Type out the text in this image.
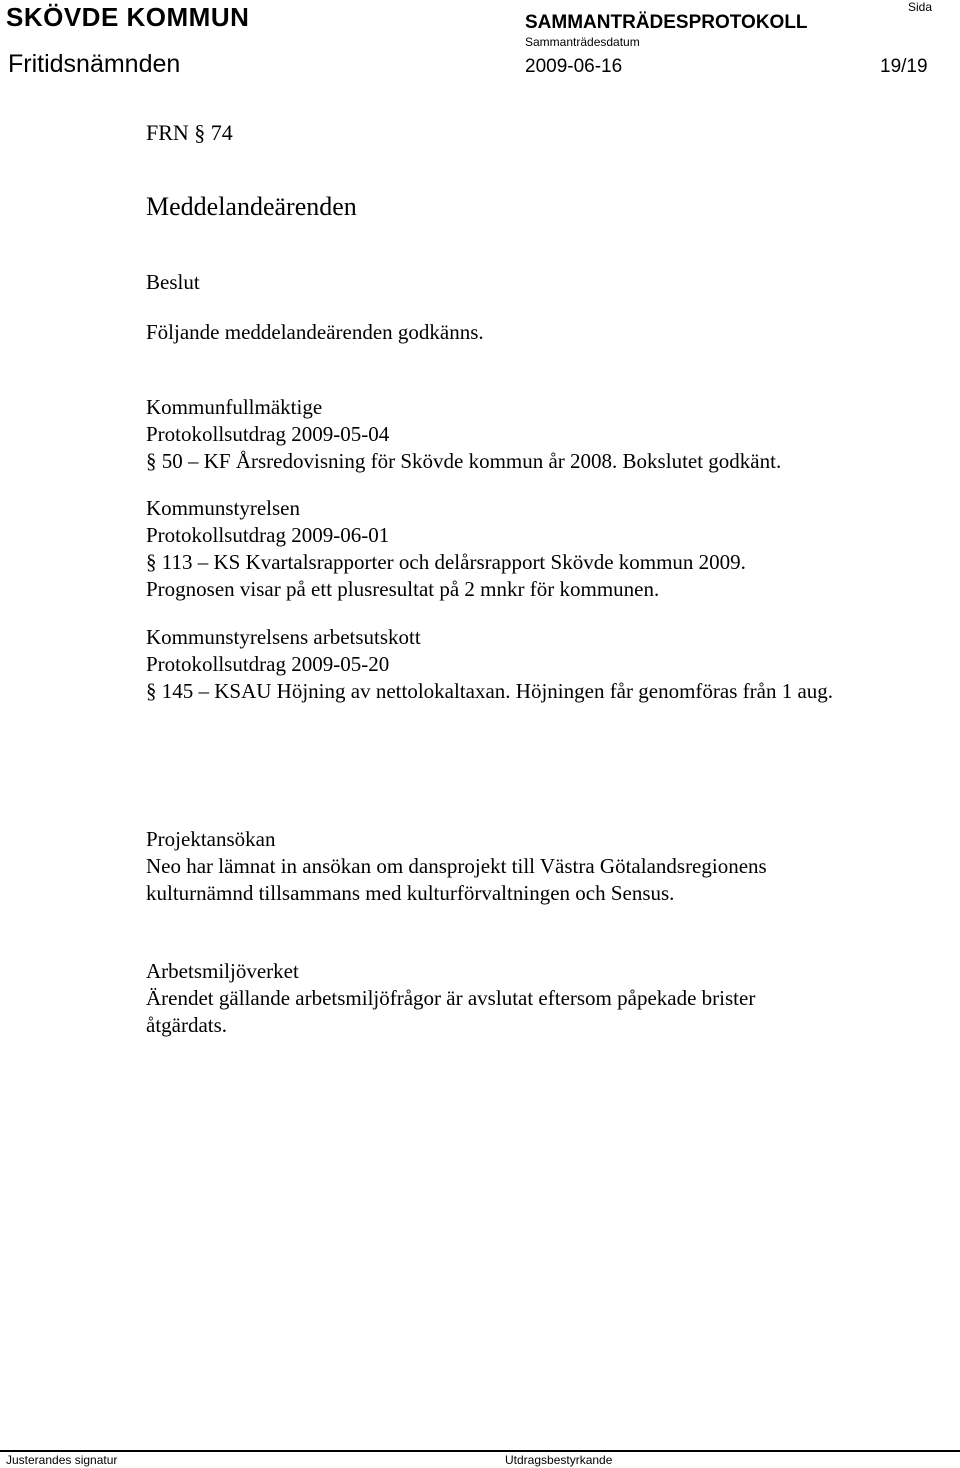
SKÖVDE KOMMUN	SAMMANTRÄDESPROTOKOLL
Sida
Sammanträdesdatum
Fritidsnämnden	2009-06-16	19/19
FRN § 74
Meddelandeärenden
Beslut
Följande meddelandeärenden godkänns.
Kommunfullmäktige
Protokollsutdrag 2009-05-04
§ 50 – KF Årsredovisning för Skövde kommun år 2008. Bokslutet godkänt.
Kommunstyrelsen
Protokollsutdrag 2009-06-01
§ 113 – KS Kvartalsrapporter och delårsrapport Skövde kommun 2009.
Prognosen visar på ett plusresultat på 2 mnkr för kommunen.
Kommunstyrelsens arbetsutskott
Protokollsutdrag 2009-05-20
§ 145 – KSAU Höjning av nettolokaltaxan. Höjningen får genomföras från 1 aug.
Projektansökan
Neo har lämnat in ansökan om dansprojekt till Västra Götalandsregionens
kulturnämnd tillsammans med kulturförvaltningen och Sensus.
Arbetsmiljöverket
Ärendet gällande arbetsmiljöfrågor är avslutat eftersom påpekade brister
åtgärdats.
Justerandes signatur	Utdragsbestyrkande
